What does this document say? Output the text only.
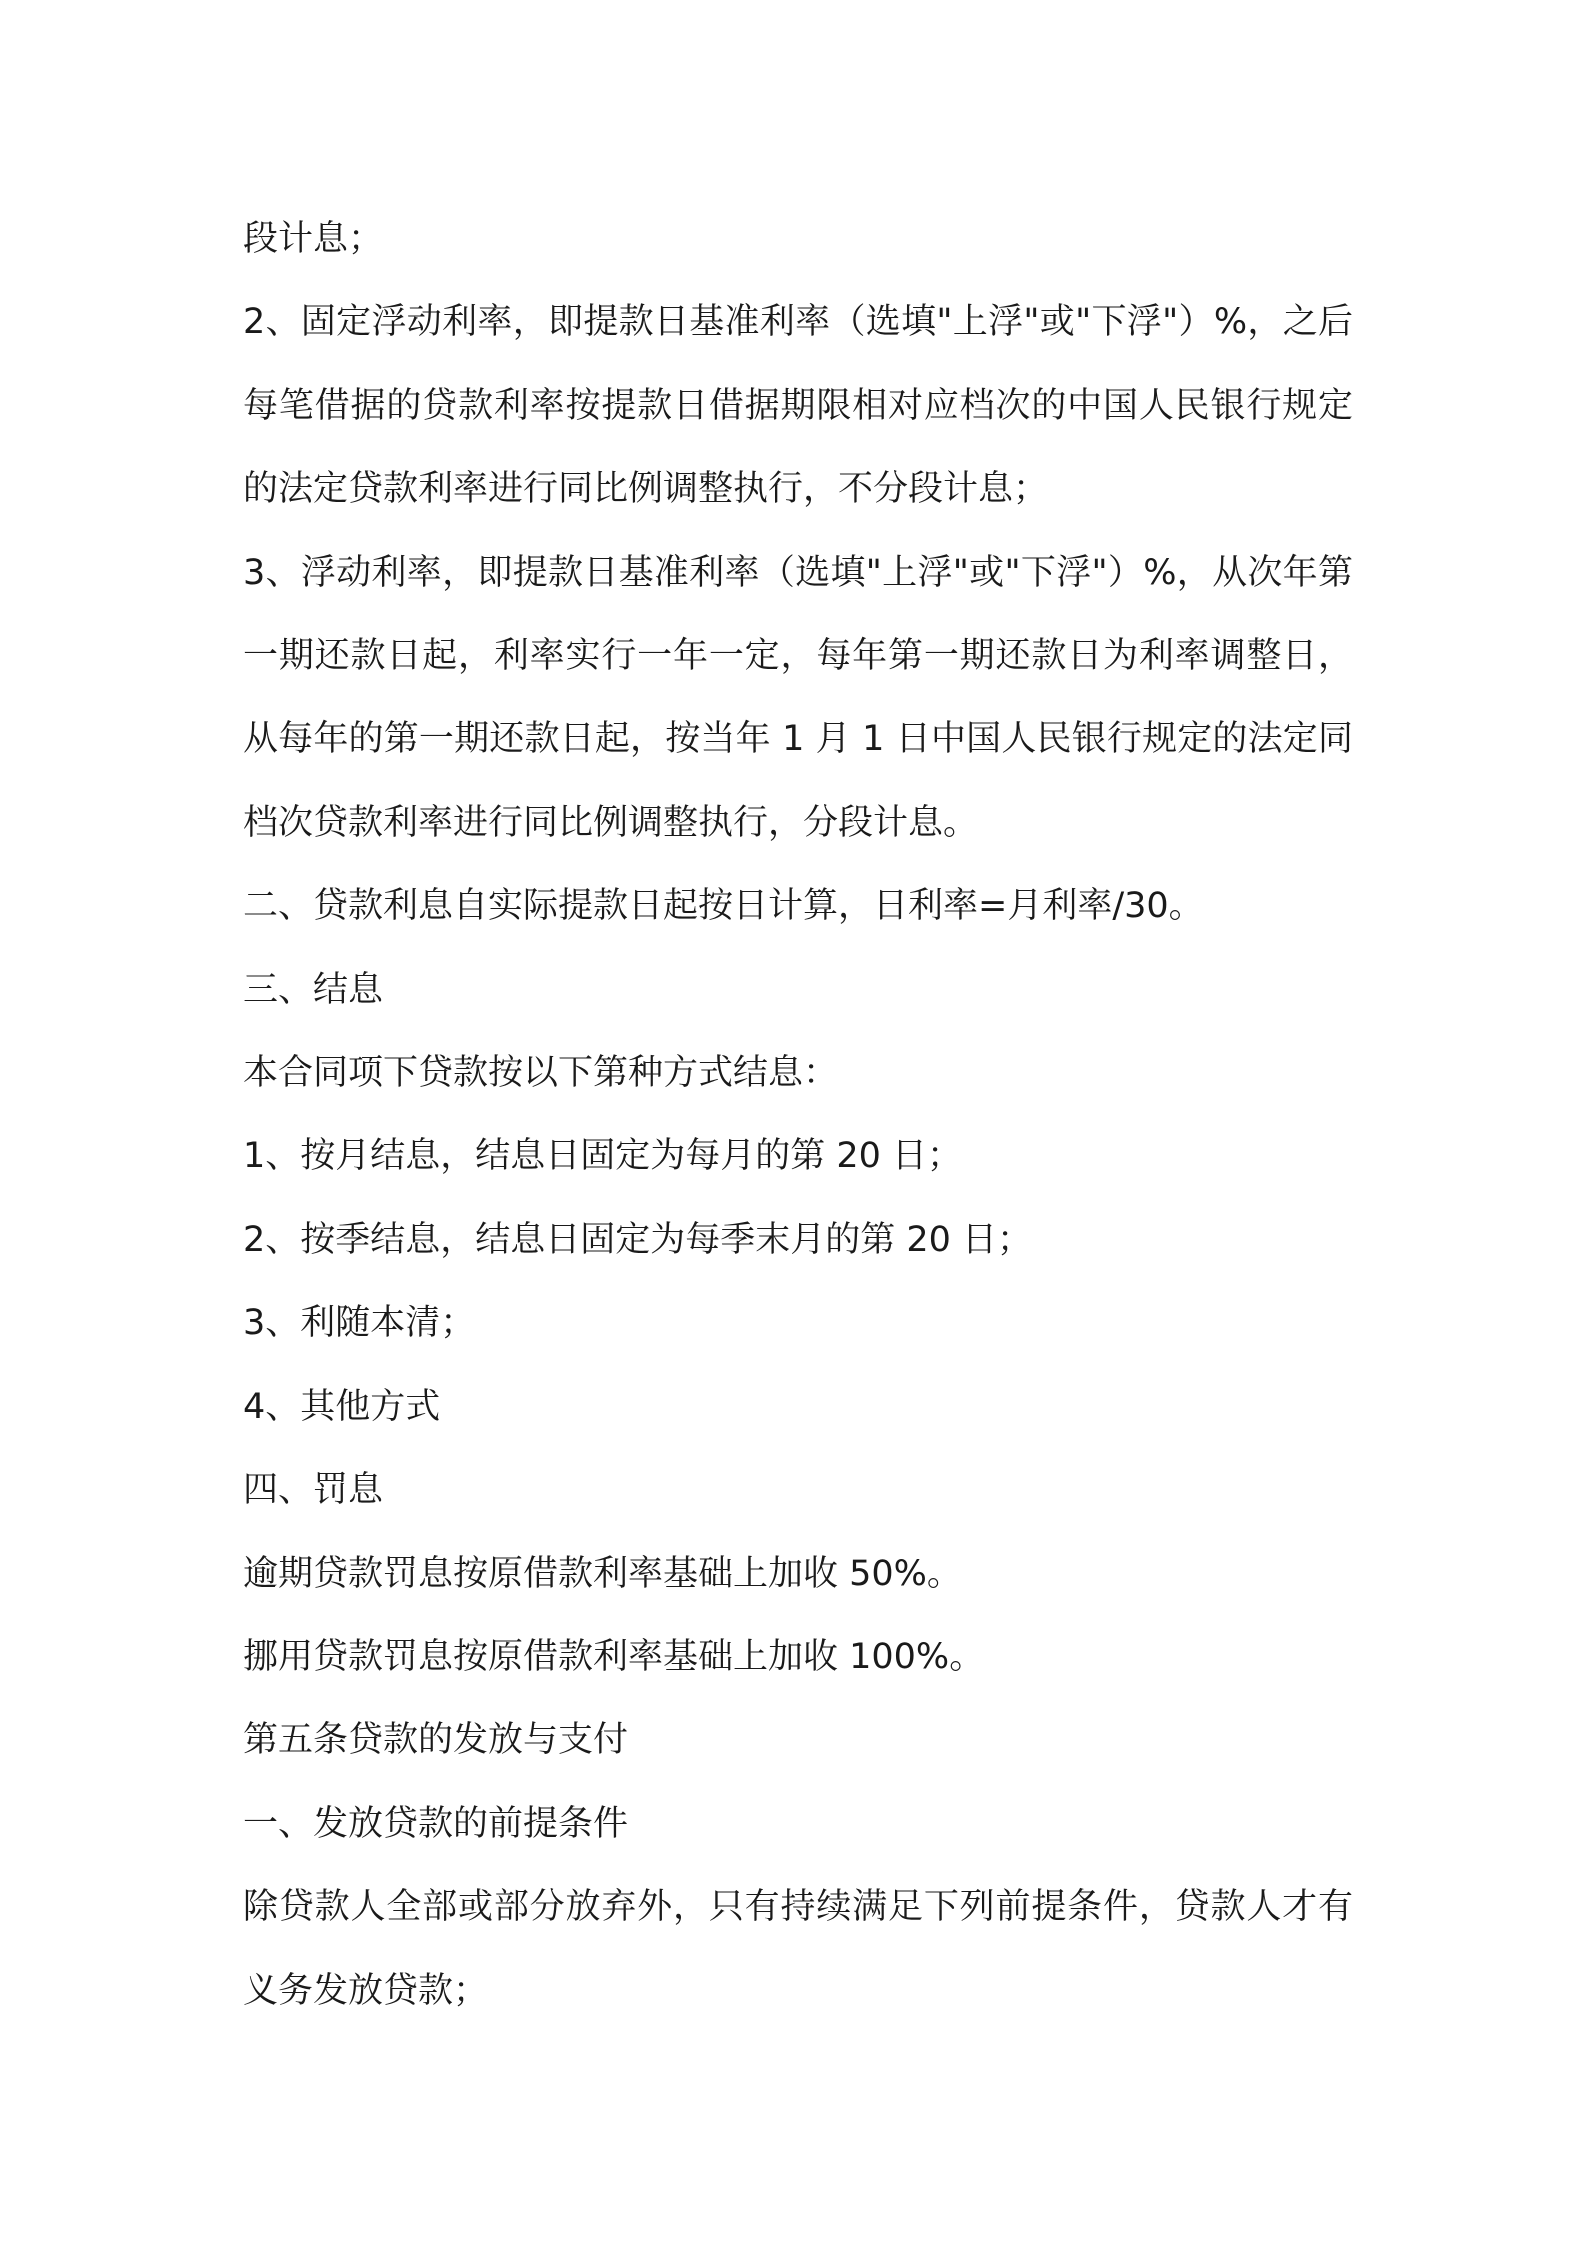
段计息；

2、固定浮动利率，即提款日基准利率（选填"上浮"或"下浮"）%，之后每笔借据的贷款利率按提款日借据期限相对应档次的中国人民银行规定的法定贷款利率进行同比例调整执行，不分段计息；

3、浮动利率，即提款日基准利率（选填"上浮"或"下浮"）%，从次年第一期还款日起，利率实行一年一定，每年第一期还款日为利率调整日，从每年的第一期还款日起，按当年 1 月 1 日中国人民银行规定的法定同档次贷款利率进行同比例调整执行，分段计息。

二、贷款利息自实际提款日起按日计算，日利率=月利率/30。

三、结息

本合同项下贷款按以下第种方式结息：

1、按月结息，结息日固定为每月的第 20 日；

2、按季结息，结息日固定为每季末月的第 20 日；

3、利随本清；

4、其他方式

四、罚息

逾期贷款罚息按原借款利率基础上加收 50%。

挪用贷款罚息按原借款利率基础上加收 100%。

第五条贷款的发放与支付

一、发放贷款的前提条件

除贷款人全部或部分放弃外，只有持续满足下列前提条件，贷款人才有义务发放贷款；
